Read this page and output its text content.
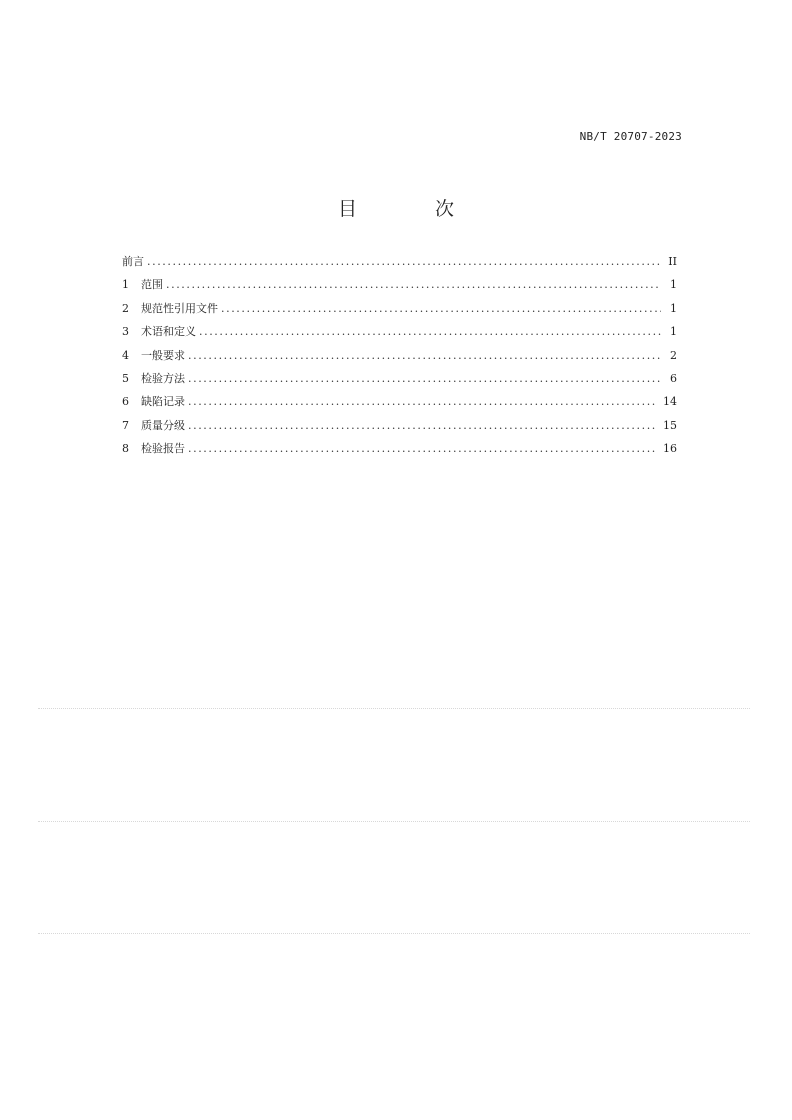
NB/T 20707-2023
目 次
前言 .....	II
1	范围 .....	1
2	规范性引用文件 .....	1
3	术语和定义 .....	1
4	一般要求 .....	2
5	检验方法 .....	6
6	缺陷记录 .....	14
7	质量分级 .....	15
8	检验报告 .....	16
